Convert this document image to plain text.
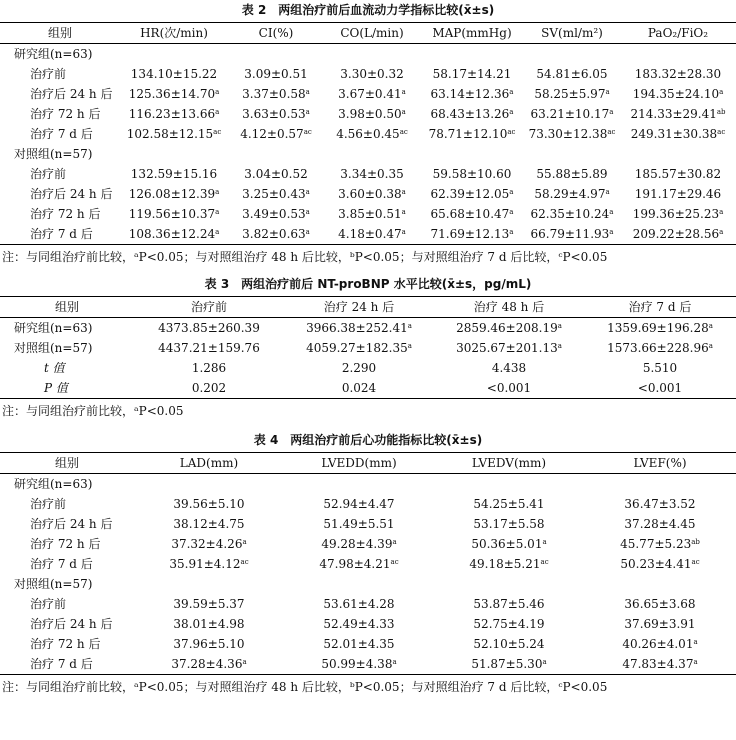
表 2　两组治疗前后血流动力学指标比较(x̄±s)
组别	HR(次/min)	CI(%)	CO(L/min)	MAP(mmHg)	SV(ml/m²)	PaO₂/FiO₂
研究组(n=63)						
治疗前	134.10±15.22	3.09±0.51	3.30±0.32	58.17±14.21	54.81±6.05	183.32±28.30
治疗后 24 h 后	125.36±14.70$^a$	3.37±0.58$^a$	3.67±0.41$^a$	63.14±12.36$^a$	58.25±5.97$^a$	194.35±24.10$^a$
治疗 72 h 后	116.23±13.66$^a$	3.63±0.53$^a$	3.98±0.50$^a$	68.43±13.26$^a$	63.21±10.17$^a$	214.33±29.41$^{ab}$
治疗 7 d 后	102.58±12.15$^{ac}$	4.12±0.57$^{ac}$	4.56±0.45$^{ac}$	78.71±12.10$^{ac}$	73.30±12.38$^{ac}$	249.31±30.38$^{ac}$
对照组(n=57)						
治疗前	132.59±15.16	3.04±0.52	3.34±0.35	59.58±10.60	55.88±5.89	185.57±30.82
治疗后 24 h 后	126.08±12.39$^a$	3.25±0.43$^a$	3.60±0.38$^a$	62.39±12.05$^a$	58.29±4.97$^a$	191.17±29.46
治疗 72 h 后	119.56±10.37$^a$	3.49±0.53$^a$	3.85±0.51$^a$	65.68±10.47$^a$	62.35±10.24$^a$	199.36±25.23$^a$
治疗 7 d 后	108.36±12.24$^a$	3.82±0.63$^a$	4.18±0.47$^a$	71.69±12.13$^a$	66.79±11.93$^a$	209.22±28.56$^a$

注：与同组治疗前比较，ᵃP<0.05；与对照组治疗 48 h 后比较，ᵇP<0.05；与对照组治疗 7 d 后比较，ᶜP<0.05

表 3　两组治疗前后 NT-proBNP 水平比较(x̄±s，pg/mL)
组别	治疗前	治疗 24 h 后	治疗 48 h 后	治疗 7 d 后
研究组(n=63)	4373.85±260.39	3966.38±252.41$^a$	2859.46±208.19$^a$	1359.69±196.28$^a$
对照组(n=57)	4437.21±159.76	4059.27±182.35$^a$	3025.67±201.13$^a$	1573.66±228.96$^a$
t 值	1.286	2.290	4.438	5.510
P 值	0.202	0.024	<0.001	<0.001

注：与同组治疗前比较，ᵃP<0.05

表 4　两组治疗前后心功能指标比较(x̄±s)
组别	LAD(mm)	LVEDD(mm)	LVEDV(mm)	LVEF(%)
研究组(n=63)				
治疗前	39.56±5.10	52.94±4.47	54.25±5.41	36.47±3.52
治疗后 24 h 后	38.12±4.75	51.49±5.51	53.17±5.58	37.28±4.45
治疗 72 h 后	37.32±4.26$^a$	49.28±4.39$^a$	50.36±5.01$^a$	45.77±5.23$^{ab}$
治疗 7 d 后	35.91±4.12$^{ac}$	47.98±4.21$^{ac}$	49.18±5.21$^{ac}$	50.23±4.41$^{ac}$
对照组(n=57)				
治疗前	39.59±5.37	53.61±4.28	53.87±5.46	36.65±3.68
治疗后 24 h 后	38.01±4.98	52.49±4.33	52.75±4.19	37.69±3.91
治疗 72 h 后	37.96±5.10	52.01±4.35	52.10±5.24	40.26±4.01$^a$
治疗 7 d 后	37.28±4.36$^a$	50.99±4.38$^a$	51.87±5.30$^a$	47.83±4.37$^a$

注：与同组治疗前比较，ᵃP<0.05；与对照组治疗 48 h 后比较，ᵇP<0.05；与对照组治疗 7 d 后比较，ᶜP<0.05
